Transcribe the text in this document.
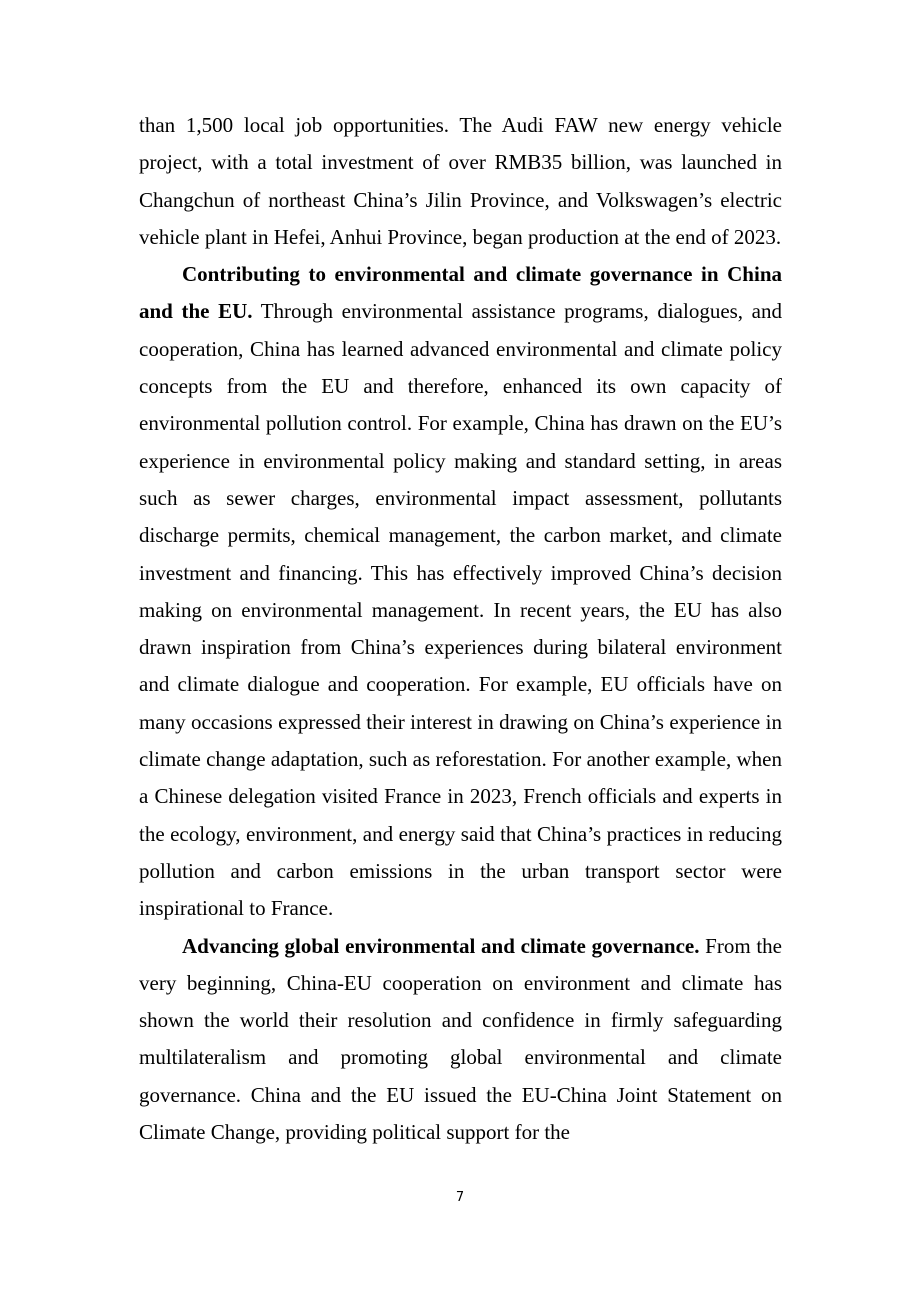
than 1,500 local job opportunities. The Audi FAW new energy vehicle project, with a total investment of over RMB35 billion, was launched in Changchun of northeast China’s Jilin Province, and Volkswagen’s electric vehicle plant in Hefei, Anhui Province, began production at the end of 2023.

Contributing to environmental and climate governance in China and the EU. Through environmental assistance programs, dialogues, and cooperation, China has learned advanced environmental and climate policy concepts from the EU and therefore, enhanced its own capacity of environmental pollution control. For example, China has drawn on the EU’s experience in environmental policy making and standard setting, in areas such as sewer charges, environmental impact assessment, pollutants discharge permits, chemical management, the carbon market, and climate investment and financing. This has effectively improved China’s decision making on environmental management. In recent years, the EU has also drawn inspiration from China’s experiences during bilateral environment and climate dialogue and cooperation. For example, EU officials have on many occasions expressed their interest in drawing on China’s experience in climate change adaptation, such as reforestation. For another example, when a Chinese delegation visited France in 2023, French officials and experts in the ecology, environment, and energy said that China’s practices in reducing pollution and carbon emissions in the urban transport sector were inspirational to France.

Advancing global environmental and climate governance. From the very beginning, China-EU cooperation on environment and climate has shown the world their resolution and confidence in firmly safeguarding multilateralism and promoting global environmental and climate governance. China and the EU issued the EU-China Joint Statement on Climate Change, providing political support for the

7
